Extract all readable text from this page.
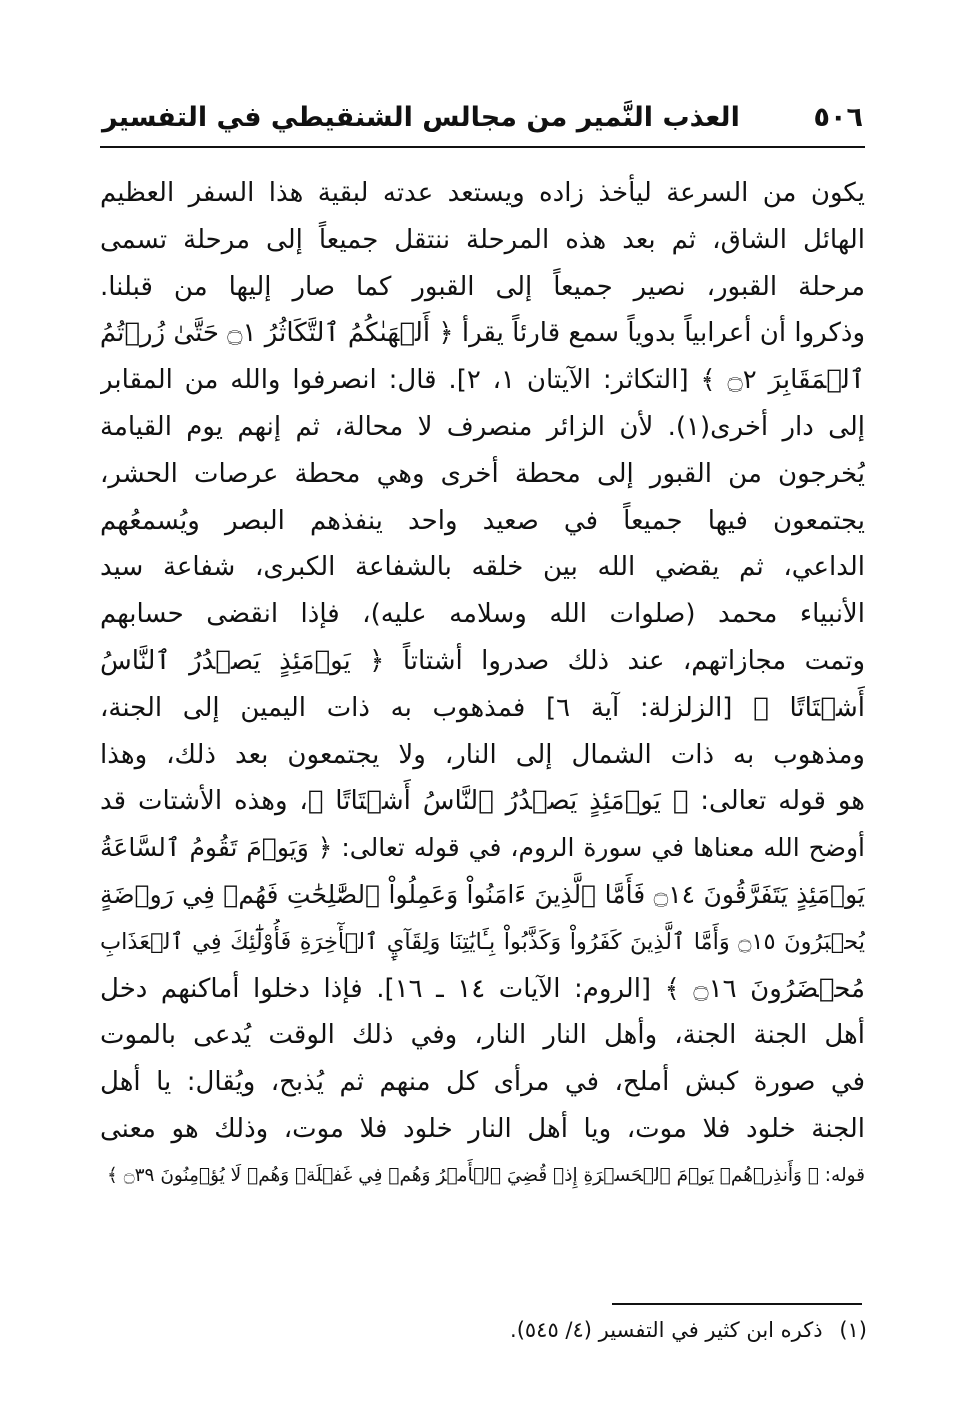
٥٠٦
العذب النَّمير من مجالس الشنقيطي في التفسير
يكون من السرعة ليأخذ زاده ويستعد عدته لبقية هذا السفر العظيم
الهائل الشاق، ثم بعد هذه المرحلة ننتقل جميعاً إلى مرحلة تسمى
مرحلة القبور، نصير جميعاً إلى القبور كما صار إليها من قبلنا.
وذكروا أن أعرابياً بدوياً سمع قارئاً يقرأ ﴿ أَلۡهَىٰكُمُ ٱلتَّكَاثُرُ ۝١ حَتَّىٰ زُرۡتُمُ
ٱلۡمَقَابِرَ ۝٢ ﴾ [التكاثر: الآيتان ١، ٢]. قال: انصرفوا والله من المقابر
إلى دار أخرى(١). لأن الزائر منصرف لا محالة، ثم إنهم يوم القيامة
يُخرجون من القبور إلى محطة أخرى وهي محطة عرصات الحشر،
يجتمعون فيها جميعاً في صعيد واحد ينفذهم البصر ويُسمعُهم
الداعي، ثم يقضي الله بين خلقه بالشفاعة الكبرى، شفاعة سيد
الأنبياء محمد (صلوات الله وسلامه عليه)، فإذا انقضى حسابهم
وتمت مجازاتهم، عند ذلك صدروا أشتاتاً ﴿ يَوۡمَئِذٍ يَصۡدُرُ ٱلنَّاسُ
أَشۡتَاتًا ﴾ [الزلزلة: آية ٦] فمذهوب به ذات اليمين إلى الجنة،
ومذهوب به ذات الشمال إلى النار، ولا يجتمعون بعد ذلك، وهذا
هو قوله تعالى: ﴿ يَوۡمَئِذٍ يَصۡدُرُ ٱلنَّاسُ أَشۡتَاتًا ﴾، وهذه الأشتات قد
أوضح الله معناها في سورة الروم، في قوله تعالى: ﴿ وَيَوۡمَ تَقُومُ ٱلسَّاعَةُ
يَوۡمَئِذٍ يَتَفَرَّقُونَ ۝١٤ فَأَمَّا ٱلَّذِينَ ءَامَنُواْ وَعَمِلُواْ ٱلصَّٰلِحَٰتِ فَهُمۡ فِي رَوۡضَةٍ
يُحۡبَرُونَ ۝١٥ وَأَمَّا ٱلَّذِينَ كَفَرُواْ وَكَذَّبُواْ بِـَٔايَٰتِنَا وَلِقَآيِٕ ٱلۡأٓخِرَةِ فَأُوْلَٰٓئِكَ فِي ٱلۡعَذَابِ
مُحۡضَرُونَ ۝١٦ ﴾ [الروم: الآيات ١٤ ـ ١٦]. فإذا دخلوا أماكنهم دخل
أهل الجنة الجنة، وأهل النار النار، وفي ذلك الوقت يُدعى بالموت
في صورة كبش أملح، في مرأى كل منهم ثم يُذبح، ويُقال: يا أهل
الجنة خلود فلا موت، ويا أهل النار خلود فلا موت، وذلك هو معنى
قوله: ﴿ وَأَنذِرۡهُمۡ يَوۡمَ ٱلۡحَسۡرَةِ إِذۡ قُضِيَ ٱلۡأَمۡرُ وَهُمۡ فِي غَفۡلَةٖ وَهُمۡ لَا يُؤۡمِنُونَ ۝٣٩ ﴾
(١) ذكره ابن كثير في التفسير (٤/ ٥٤٥).
